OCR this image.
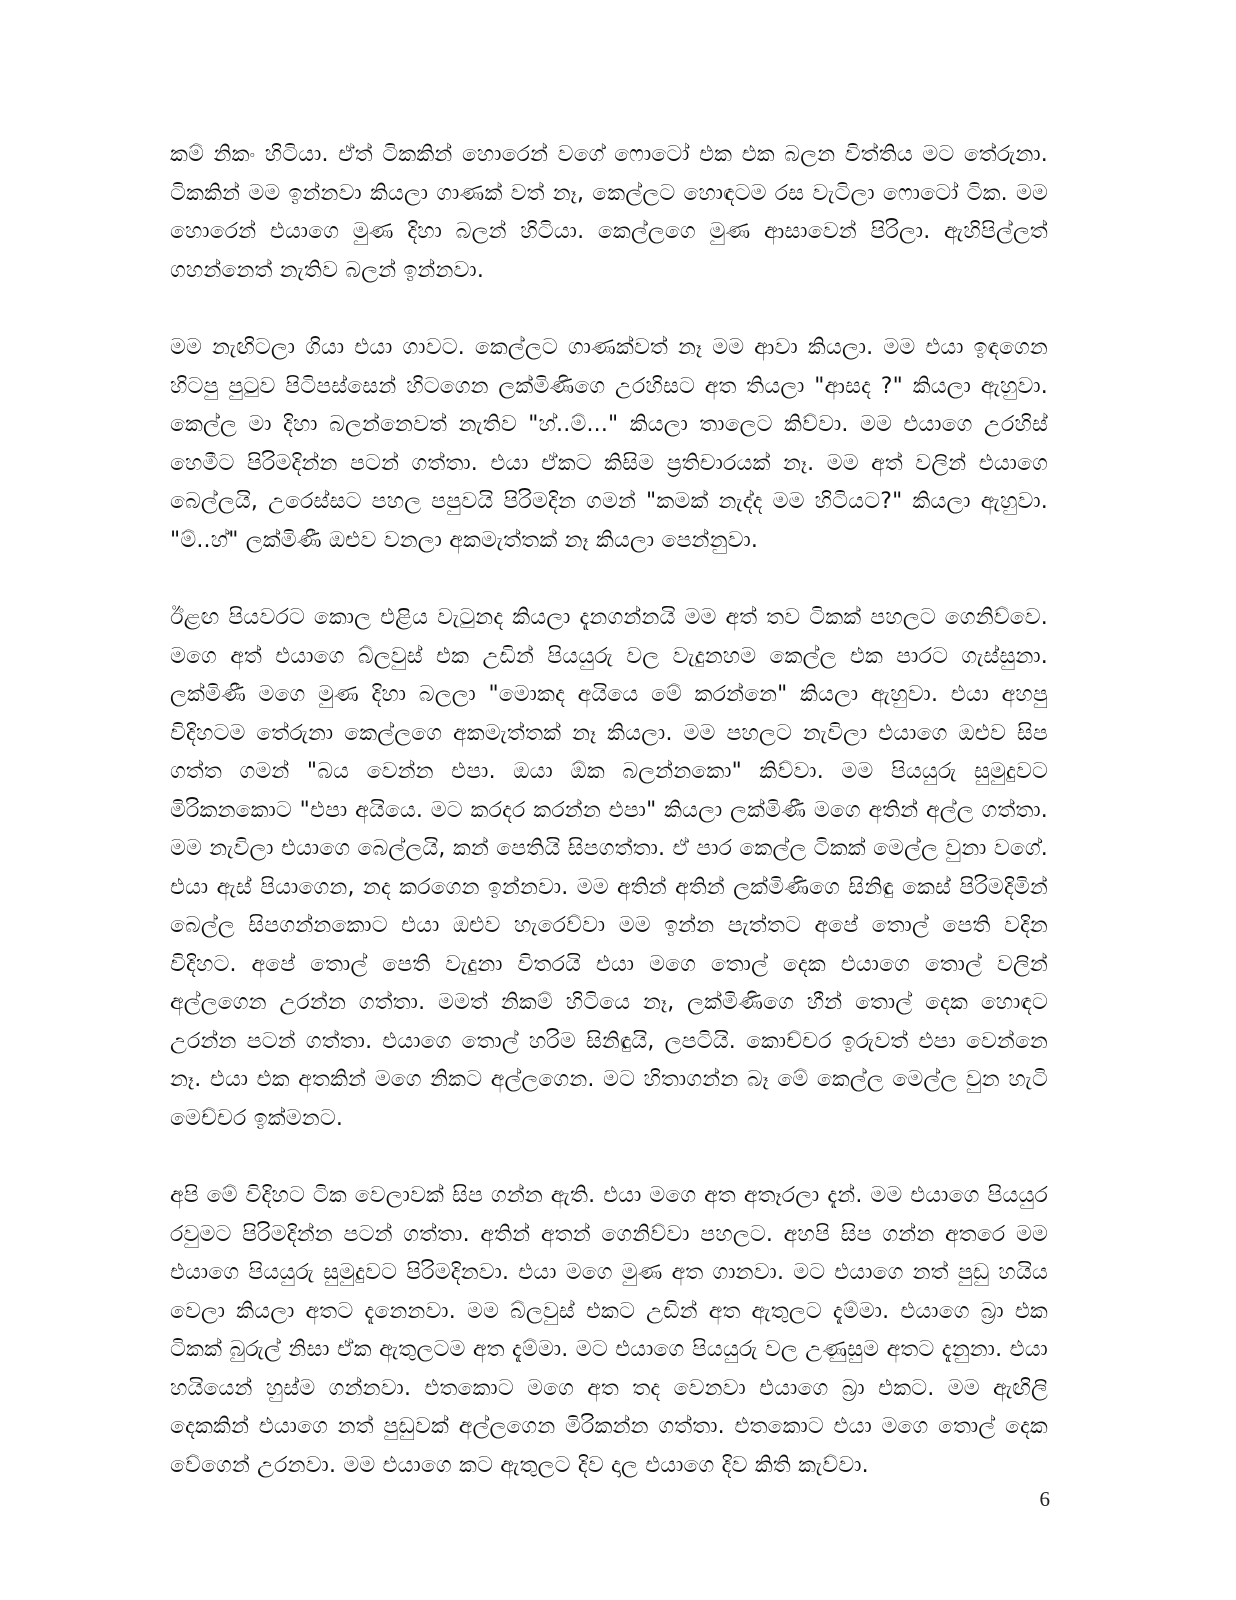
කම් නිකං හිටියා. ඒත් ටිකකින් හොරෙන් වගේ ෆොටෝ එක එක බලන විත්තිය මට තේරුනා. ටිකකින් මම ඉන්නවා කියලා ගාණක් වත් නෑ, කෙල්ලට හොඳටම රස වැටිලා ෆොටෝ ටික. මම හොරෙන් එයාගෙ මුණ දිහා බලන් හිටියා. කෙල්ලගෙ මුණ ආසාවෙන් පිරිලා. ඇහිපිල්ලත් ගහන්නෙත් නැතිව බලන් ඉන්නවා.

මම නැඟිටලා ගියා එයා ගාවට. කෙල්ලට ගාණක්වත් නෑ මම ආවා කියලා. මම එයා ඉඳගෙන හිටපු පුටුව පිටිපස්සෙන් හිටගෙන ලක්මිණිගෙ උරහිසට අත තියලා "ආසද ?" කියලා ඇහුවා. කෙල්ල මා දිහා බලන්නෙවත් නැතිව "හ්..ම්..." කියලා තාලෙට කිව්වා. මම එයාගෙ උරහිස් හෙමීට පිරිමදින්න පටන් ගත්තා. එයා ඒකට කිසිම ප්‍රතිචාරයක් නෑ. මම අත් වලින් එයාගෙ බෙල්ලයි, උරෙස්සට පහල පපුවයි පිරිමදින ගමන් "කමක් නැද්ද මම හිටියට?" කියලා ඇහුවා. "ම්..හ්" ලක්මිණී ඔළුව වනලා අකමැත්තක් නෑ කියලා පෙන්නුවා.

ඊළඟ පියවරට කොල එළිය වැටුනද කියලා දැනගන්නයි මම අත් තව ටිකක් පහලට ගෙනිව්වෙ. මගෙ අත් එයාගෙ බ්ලවුස් එක උඩින් පියයුරු වල වැදුනහම කෙල්ල එක පාරට ගැස්සුනා. ලක්මිණී මගෙ මුණ දිහා බලලා "මොකද අයියෙ මේ කරන්නෙ" කියලා ඇහුවා. එයා අහපු විදිහටම තේරුනා කෙල්ලගෙ අකමැත්තක් නෑ කියලා. මම පහලට නැවිලා එයාගෙ ඔළුව සිප ගත්ත ගමන් "බය වෙන්න එපා. ඔයා ඕක බලන්නකො" කිව්වා. මම පියයුරු සුමුදුවට මිරිකනකොට "එපා අයියෙ. මට කරදර කරන්න එපා" කියලා ලක්මිණී මගෙ අතින් අල්ල ගත්තා. මම නැවිලා එයාගෙ බෙල්ලයි, කන් පෙතියි සිපගත්තා. ඒ පාර කෙල්ල ටිකක් මෙල්ල වුනා වගේ. එයා ඇස් පියාගෙන, නද කරගෙන ඉන්නවා. මම අතින් අතින් ලක්මිණිගෙ සිනිඳු කෙස් පිරිමදිමින් බෙල්ල සිපගන්නකොට එයා ඔළුව හැරෙව්වා මම ඉන්න පැත්තට අපේ තොල් පෙති වදින විදිහට. අපේ තොල් පෙති වැදුනා විතරයි එයා මගෙ තොල් දෙක එයාගෙ තොල් වලින් අල්ලගෙන උරන්න ගත්තා. මමත් නිකම් හිටියෙ නෑ, ලක්මිණිගෙ හීන් තොල් දෙක හොඳට උරන්න පටන් ගත්තා. එයාගෙ තොල් හරිම සිනිඳුයි, ලපටියි. කොච්චර ඉරුවත් එපා වෙන්නෙ නෑ. එයා එක අතකින් මගෙ නිකට අල්ලගෙන. මට හිතාගන්න බෑ මේ කෙල්ල මෙල්ල වුන හැටි මෙච්චර ඉක්මනට.

අපි මේ විදිහට ටික වෙලාවක් සිප ගන්න ඇති. එයා මගෙ අත අතෑරලා දැන්. මම එයාගෙ පියයුර රවුමට පිරිමදින්න පටන් ගත්තා. අතින් අතන් ගෙනිව්වා පහලට. අහපි සිප ගන්න අතරෙ මම එයාගෙ පියයුරු සුමුදුවට පිරිමදිනවා. එයා මගෙ මුණ අත ගානවා. මට එයාගෙ නත් පුඩු හයිය වෙලා කියලා අතට දැනෙනවා. මම බ්ලවුස් එකට උඩින් අත ඇතුලට දැම්මා. එයාගෙ බ්‍රා එක ටිකක් බුරුල් නිසා ඒක ඇතුලටම අත දැම්මා. මට එයාගෙ පියයුරු වල උණුසුම අතට දැනුනා. එයා හයියෙන් හුස්ම ගන්නවා. එතකොට මගෙ අත තද වෙනවා එයාගෙ බ්‍රා එකට. මම ඇඟිලි දෙකකින් එයාගෙ නත් පුඩුවක් අල්ලගෙන මිරිකන්න ගත්තා. එතකොට එයා මගෙ තොල් දෙක වේගෙන් උරනවා. මම එයාගෙ කට ඇතුලට දිව දාල එයාගෙ දිව කිති කැව්වා.

6
